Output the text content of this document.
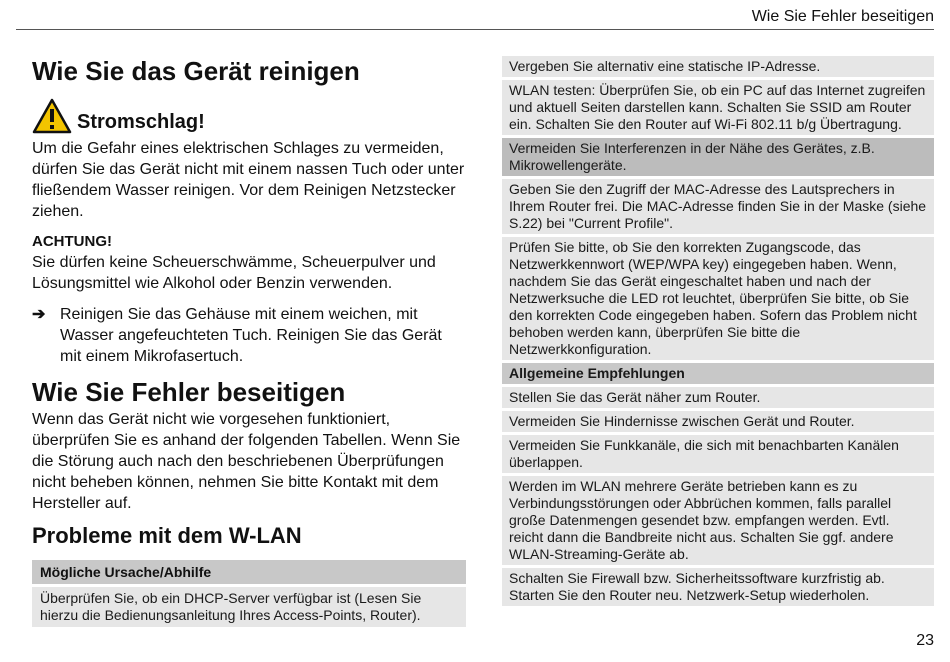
Wie Sie Fehler beseitigen
Wie Sie das Gerät reinigen
Stromschlag!

Um die Gefahr eines elektrischen Schlages zu vermeiden, dürfen Sie das Gerät nicht mit einem nassen Tuch oder unter fließendem Wasser reinigen. Vor dem Reinigen Netzstecker ziehen.

ACHTUNG!

Sie dürfen keine Scheuerschwämme, Scheuerpulver und Lösungsmittel wie Alkohol oder Benzin verwenden.

➔ Reinigen Sie das Gehäuse mit einem weichen, mit Wasser angefeuchteten Tuch. Reinigen Sie das Gerät mit einem Mikrofasertuch.
Wie Sie Fehler beseitigen

Wenn das Gerät nicht wie vorgesehen funktioniert, überprüfen Sie es anhand der folgenden Tabellen. Wenn Sie die Störung auch nach den beschriebenen Überprüfungen nicht beheben können, nehmen Sie bitte Kontakt mit dem Hersteller auf.

Probleme mit dem W-LAN
Mögliche Ursache/Abhilfe
Überprüfen Sie, ob ein DHCP-Server verfügbar ist (Lesen Sie hierzu die Bedienungsanleitung Ihres Access-Points, Router).
Vergeben Sie alternativ eine statische IP-Adresse.
WLAN testen: Überprüfen Sie, ob ein PC auf das Internet zugreifen und aktuell Seiten darstellen kann. Schalten Sie SSID am Router ein. Schalten Sie den Router auf Wi-Fi 802.11 b/g Übertragung.
Vermeiden Sie Interferenzen in der Nähe des Gerätes, z.B. Mikrowellengeräte.
Geben Sie den Zugriff der MAC-Adresse des Lautsprechers in Ihrem Router frei. Die MAC-Adresse finden Sie in der Maske (siehe S.22) bei "Current Profile".
Prüfen Sie bitte, ob Sie den korrekten Zugangscode, das Netzwerkkennwort (WEP/WPA key) eingegeben haben. Wenn, nachdem Sie das Gerät eingeschaltet haben und nach der Netzwerksuche die LED rot leuchtet, überprüfen Sie bitte, ob Sie den korrekten Code eingegeben haben. Sofern das Problem nicht behoben werden kann, überprüfen Sie bitte die Netzwerkkonfiguration.
Allgemeine Empfehlungen
Stellen Sie das Gerät näher zum Router.
Vermeiden Sie Hindernisse zwischen Gerät und Router.
Vermeiden Sie Funkkanäle, die sich mit benachbarten Kanälen überlappen.
Werden im WLAN mehrere Geräte betrieben kann es zu Verbindungsstörungen oder Abbrüchen kommen, falls parallel große Datenmengen gesendet bzw. empfangen werden. Evtl. reicht dann die Bandbreite nicht aus. Schalten Sie ggf. andere WLAN-Streaming-Geräte ab.
Schalten Sie Firewall bzw. Sicherheitssoftware kurzfristig ab. Starten Sie den Router neu. Netzwerk-Setup wiederholen.
23
